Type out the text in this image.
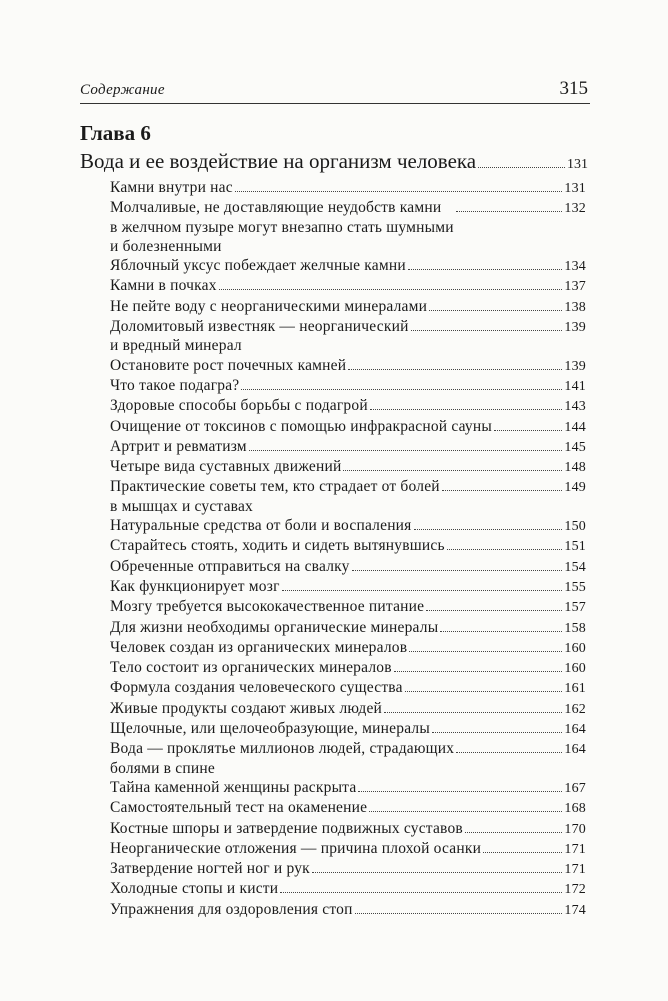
Содержание	315
Глава 6
Вода и ее воздействие на организм человека	131
Камни внутри нас	131
Молчаливые, не доставляющие неудобств камни
в желчном пузыре могут внезапно стать шумными
и болезненными
132
Яблочный уксус побеждает желчные камни	134
Камни в почках	137
Не пейте воду с неорганическими минералами	138
Доломитовый известняк — неорганический
и вредный минерал
139
Остановите рост почечных камней	139
Что такое подагра?	141
Здоровые способы борьбы с подагрой	143
Очищение от токсинов с помощью инфракрасной сауны	144
Артрит и ревматизм	145
Четыре вида суставных движений	148
Практические советы тем, кто страдает от болей
в мышцах и суставах
149
Натуральные средства от боли и воспаления	150
Старайтесь стоять, ходить и сидеть вытянувшись	151
Обреченные отправиться на свалку	154
Как функционирует мозг	155
Мозгу требуется высококачественное питание	157
Для жизни необходимы органические минералы	158
Человек создан из органических минералов	160
Тело состоит из органических минералов	160
Формула создания человеческого существа	161
Живые продукты создают живых людей	162
Щелочные, или щелочеобразующие, минералы	164
Вода — проклятье миллионов людей, страдающих
болями в спине
164
Тайна каменной женщины раскрыта	167
Самостоятельный тест на окаменение	168
Костные шпоры и затвердение подвижных суставов	170
Неорганические отложения — причина плохой осанки	171
Затвердение ногтей ног и рук	171
Холодные стопы и кисти	172
Упражнения для оздоровления стоп	174
